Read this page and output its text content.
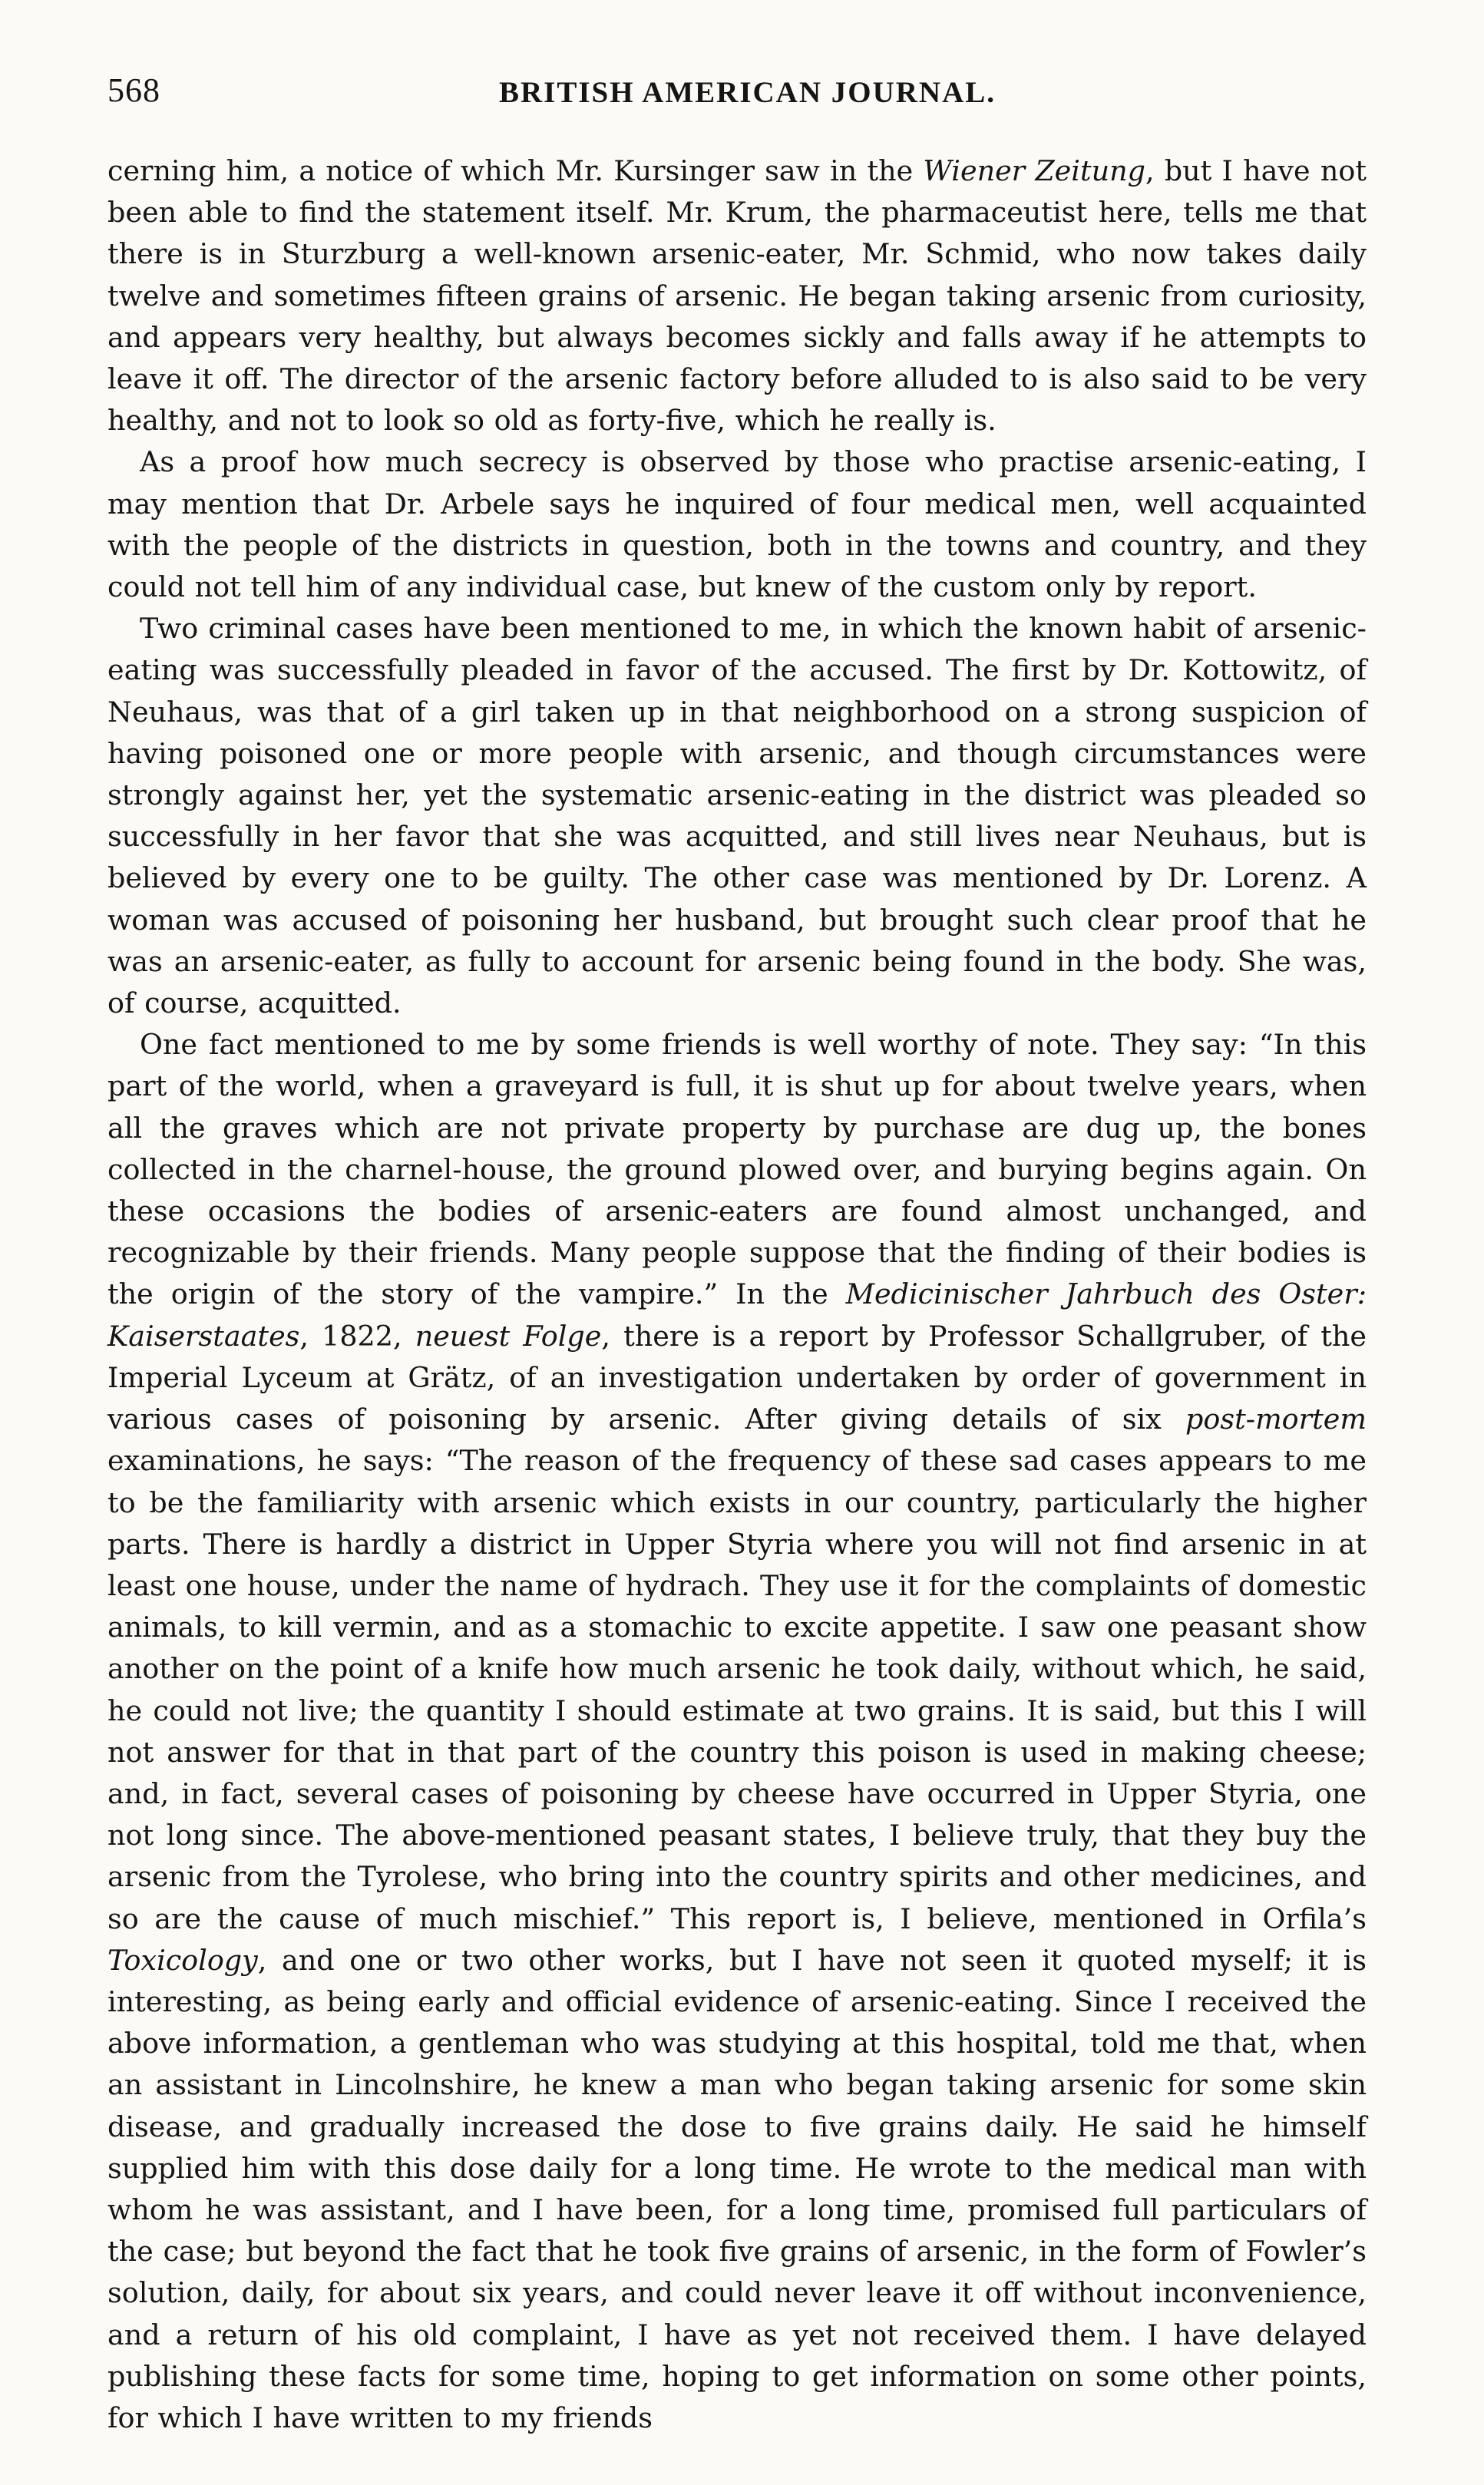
568	BRITISH AMERICAN JOURNAL.

cerning him, a notice of which Mr. Kursinger saw in the Wiener Zeitung, but I have not been able to find the statement itself. Mr. Krum, the pharmaceutist here, tells me that there is in Sturzburg a well-known arsenic-eater, Mr. Schmid, who now takes daily twelve and sometimes fifteen grains of arsenic. He began taking arsenic from curiosity, and appears very healthy, but always becomes sickly and falls away if he attempts to leave it off. The director of the arsenic factory before alluded to is also said to be very healthy, and not to look so old as forty-five, which he really is.

As a proof how much secrecy is observed by those who practise arsenic-eating, I may mention that Dr. Arbele says he inquired of four medical men, well acquainted with the people of the districts in question, both in the towns and country, and they could not tell him of any individual case, but knew of the custom only by report.

Two criminal cases have been mentioned to me, in which the known habit of arsenic-eating was successfully pleaded in favor of the accused. The first by Dr. Kottowitz, of Neuhaus, was that of a girl taken up in that neighborhood on a strong suspicion of having poisoned one or more people with arsenic, and though circumstances were strongly against her, yet the systematic arsenic-eating in the district was pleaded so successfully in her favor that she was acquitted, and still lives near Neuhaus, but is believed by every one to be guilty. The other case was mentioned by Dr. Lorenz. A woman was accused of poisoning her husband, but brought such clear proof that he was an arsenic-eater, as fully to account for arsenic being found in the body. She was, of course, acquitted.

One fact mentioned to me by some friends is well worthy of note. They say: “In this part of the world, when a graveyard is full, it is shut up for about twelve years, when all the graves which are not private property by purchase are dug up, the bones collected in the charnel-house, the ground plowed over, and burying begins again. On these occasions the bodies of arsenic-eaters are found almost unchanged, and recognizable by their friends. Many people suppose that the finding of their bodies is the origin of the story of the vampire.” In the Medicinischer Jahrbuch des Oster: Kaiserstaates, 1822, neuest Folge, there is a report by Professor Schallgruber, of the Imperial Lyceum at Grätz, of an investigation undertaken by order of government in various cases of poisoning by arsenic. After giving details of six post-mortem examinations, he says: “The reason of the frequency of these sad cases appears to me to be the familiarity with arsenic which exists in our country, particularly the higher parts. There is hardly a district in Upper Styria where you will not find arsenic in at least one house, under the name of hydrach. They use it for the complaints of domestic animals, to kill vermin, and as a stomachic to excite appetite. I saw one peasant show another on the point of a knife how much arsenic he took daily, without which, he said, he could not live; the quantity I should estimate at two grains. It is said, but this I will not answer for that in that part of the country this poison is used in making cheese; and, in fact, several cases of poisoning by cheese have occurred in Upper Styria, one not long since. The above-mentioned peasant states, I believe truly, that they buy the arsenic from the Tyrolese, who bring into the country spirits and other medicines, and so are the cause of much mischief.” This report is, I believe, mentioned in Orfila’s Toxicology, and one or two other works, but I have not seen it quoted myself; it is interesting, as being early and official evidence of arsenic-eating. Since I received the above information, a gentleman who was studying at this hospital, told me that, when an assistant in Lincolnshire, he knew a man who began taking arsenic for some skin disease, and gradually increased the dose to five grains daily. He said he himself supplied him with this dose daily for a long time. He wrote to the medical man with whom he was assistant, and I have been, for a long time, promised full particulars of the case; but beyond the fact that he took five grains of arsenic, in the form of Fowler’s solution, daily, for about six years, and could never leave it off without inconvenience, and a return of his old complaint, I have as yet not received them. I have delayed publishing these facts for some time, hoping to get information on some other points, for which I have written to my friends
